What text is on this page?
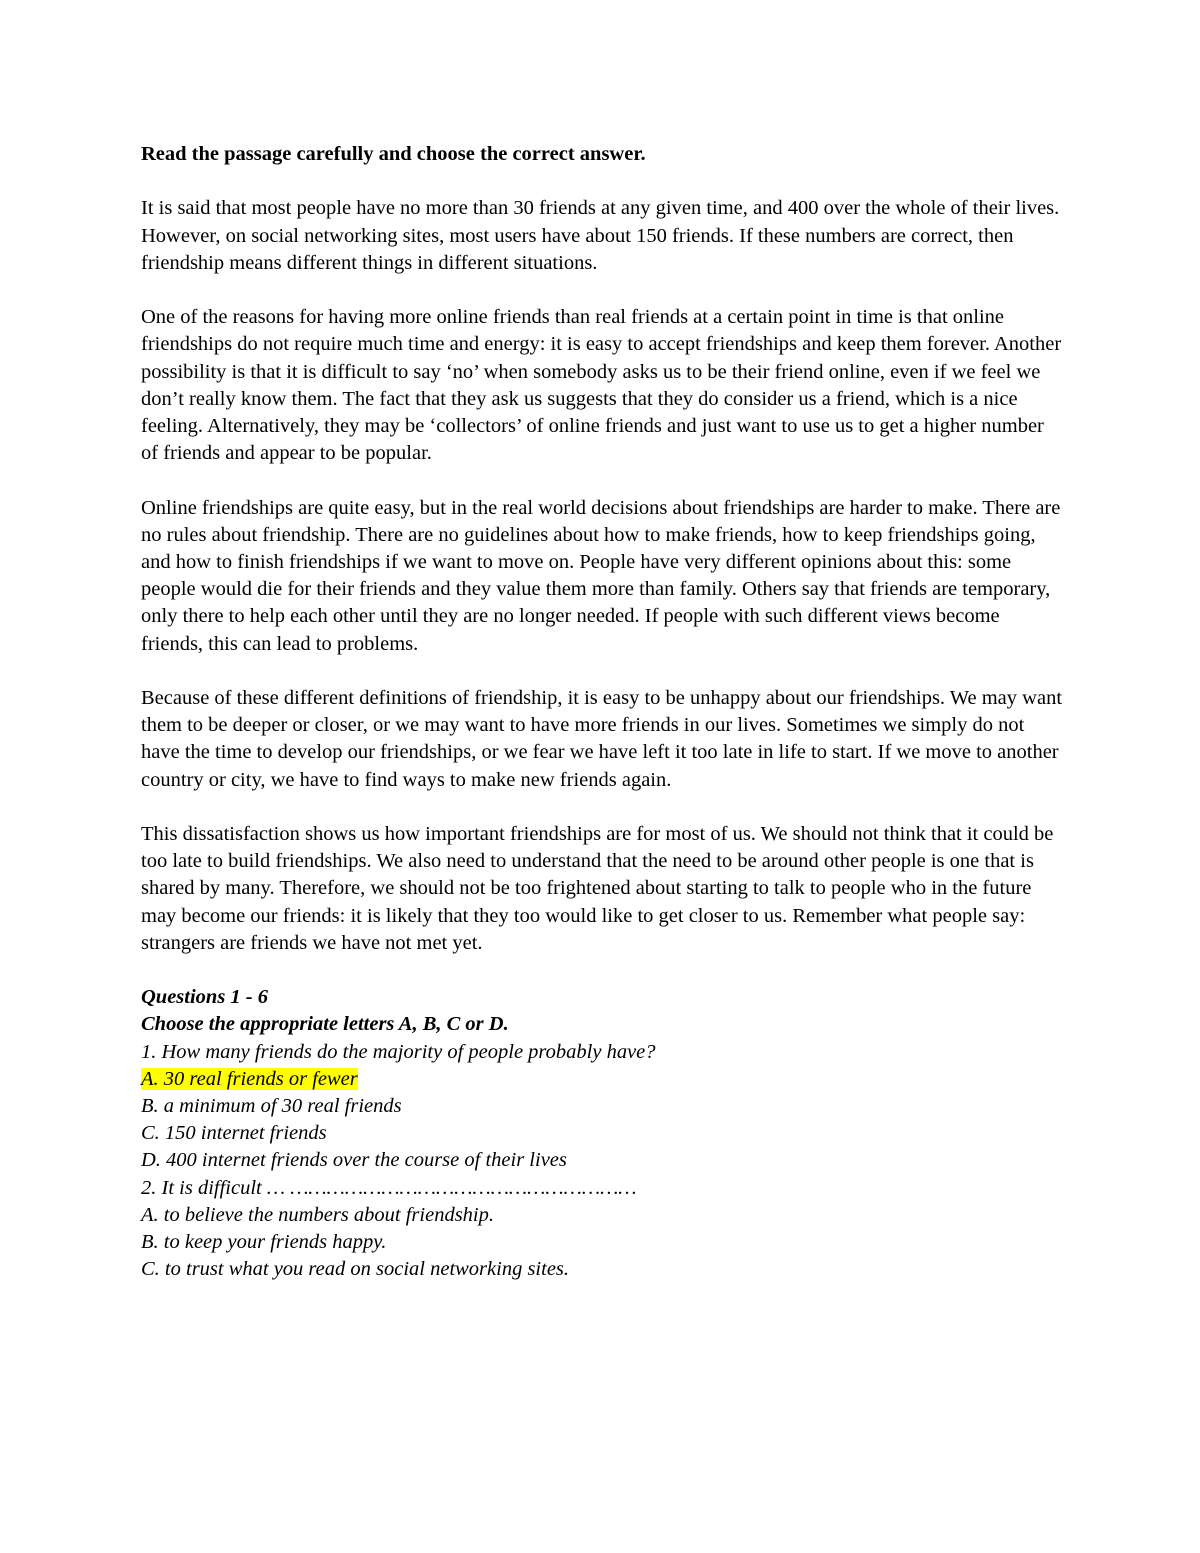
Read the passage carefully and choose the correct answer.

It is said that most people have no more than 30 friends at any given time, and 400 over the whole of their lives. However, on social networking sites, most users have about 150 friends. If these numbers are correct, then friendship means different things in different situations.

One of the reasons for having more online friends than real friends at a certain point in time is that online friendships do not require much time and energy: it is easy to accept friendships and keep them forever. Another possibility is that it is difficult to say ‘no’ when somebody asks us to be their friend online, even if we feel we don’t really know them. The fact that they ask us suggests that they do consider us a friend, which is a nice feeling. Alternatively, they may be ‘collectors’ of online friends and just want to use us to get a higher number of friends and appear to be popular.

Online friendships are quite easy, but in the real world decisions about friendships are harder to make. There are no rules about friendship. There are no guidelines about how to make friends, how to keep friendships going, and how to finish friendships if we want to move on. People have very different opinions about this: some people would die for their friends and they value them more than family. Others say that friends are temporary, only there to help each other until they are no longer needed. If people with such different views become friends, this can lead to problems.

Because of these different definitions of friendship, it is easy to be unhappy about our friendships. We may want them to be deeper or closer, or we may want to have more friends in our lives. Sometimes we simply do not have the time to develop our friendships, or we fear we have left it too late in life to start. If we move to another country or city, we have to find ways to make new friends again.

This dissatisfaction shows us how important friendships are for most of us. We should not think that it could be too late to build friendships. We also need to understand that the need to be around other people is one that is shared by many. Therefore, we should not be too frightened about starting to talk to people who in the future may become our friends: it is likely that they too would like to get closer to us. Remember what people say: strangers are friends we have not met yet.

Questions 1 - 6

Choose the appropriate letters A, B, C or D.

1. How many friends do the majority of people probably have?

A. 30 real friends or fewer

B. a minimum of 30 real friends

C. 150 internet friends

D. 400 internet friends over the course of their lives

2. It is difficult … …………………………………………………

A. to believe the numbers about friendship.

B. to keep your friends happy.

C. to trust what you read on social networking sites.
